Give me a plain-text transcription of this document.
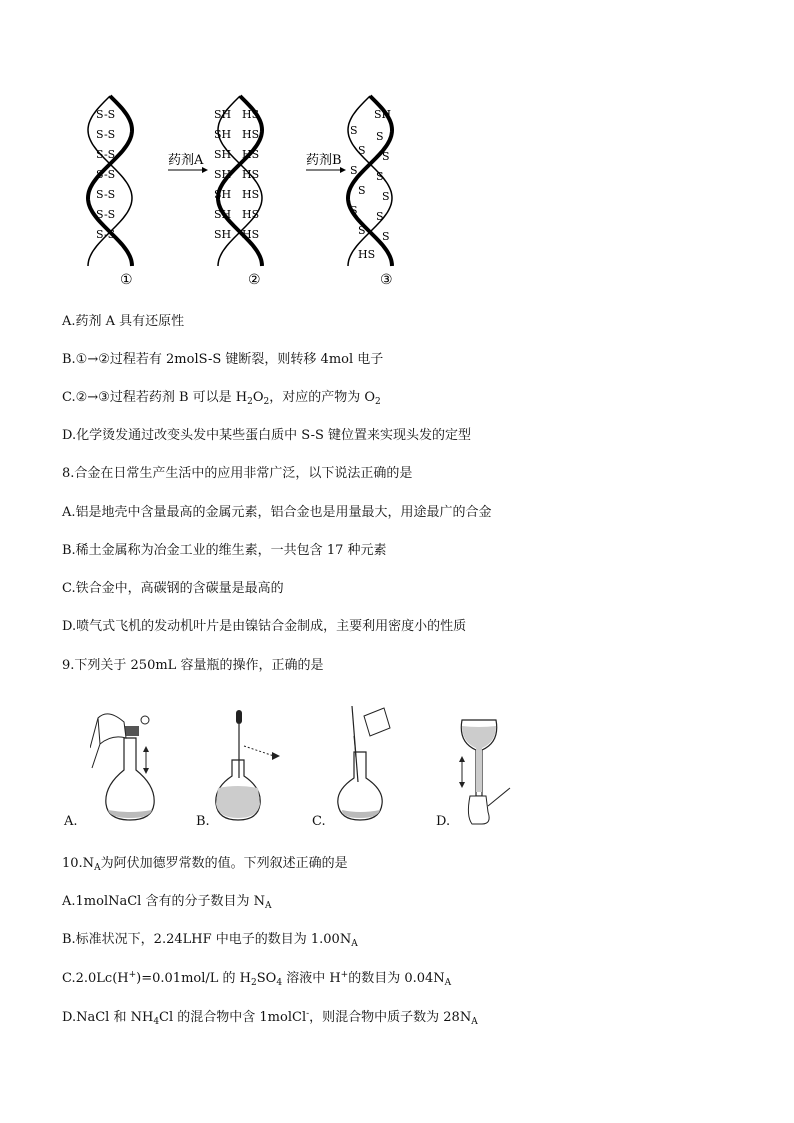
S-S
S-S
S-S
S-S
S-S
S-S
S-S
SH
SH
SH
SH
SH
SH
SH
HS
HS
HS
HS
HS
HS
HS
SH
S S
S S
S S
S S
S S
S S
HS
药剂A	药剂B
①	②	③
A.药剂 A 具有还原性
B.①→②过程若有 2molS-S 键断裂，则转移 4mol 电子
C.②→③过程若药剂 B 可以是 $H_2O_2$，对应的产物为 $O_2$
D.化学烫发通过改变头发中某些蛋白质中 S-S 键位置来实现头发的定型
8.合金在日常生产生活中的应用非常广泛，以下说法正确的是
A.铝是地壳中含量最高的金属元素，铝合金也是用量最大，用途最广的合金
B.稀土金属称为冶金工业的维生素，一共包含 17 种元素
C.铁合金中，高碳钢的含碳量是最高的
D.喷气式飞机的发动机叶片是由镍钴合金制成，主要利用密度小的性质
9.下列关于 250mL 容量瓶的操作，正确的是
A.	B.	C.	D.
$10.N_A$为阿伏加德罗常数的值。下列叙述正确的是
A.1molNaCl 含有的分子数目为 $N_A$
B.标准状况下，2.24LHF 中电子的数目为 $1.00N_A$
C.2.0Lc(H+)=0.01mol/L 的 $H_2SO_4$ 溶液中 H+的数目为 $0.04N_A$
D.NaCl 和 $NH_4Cl$ 的混合物中含 1molCl-，则混合物中质子数为 $28N_A$
